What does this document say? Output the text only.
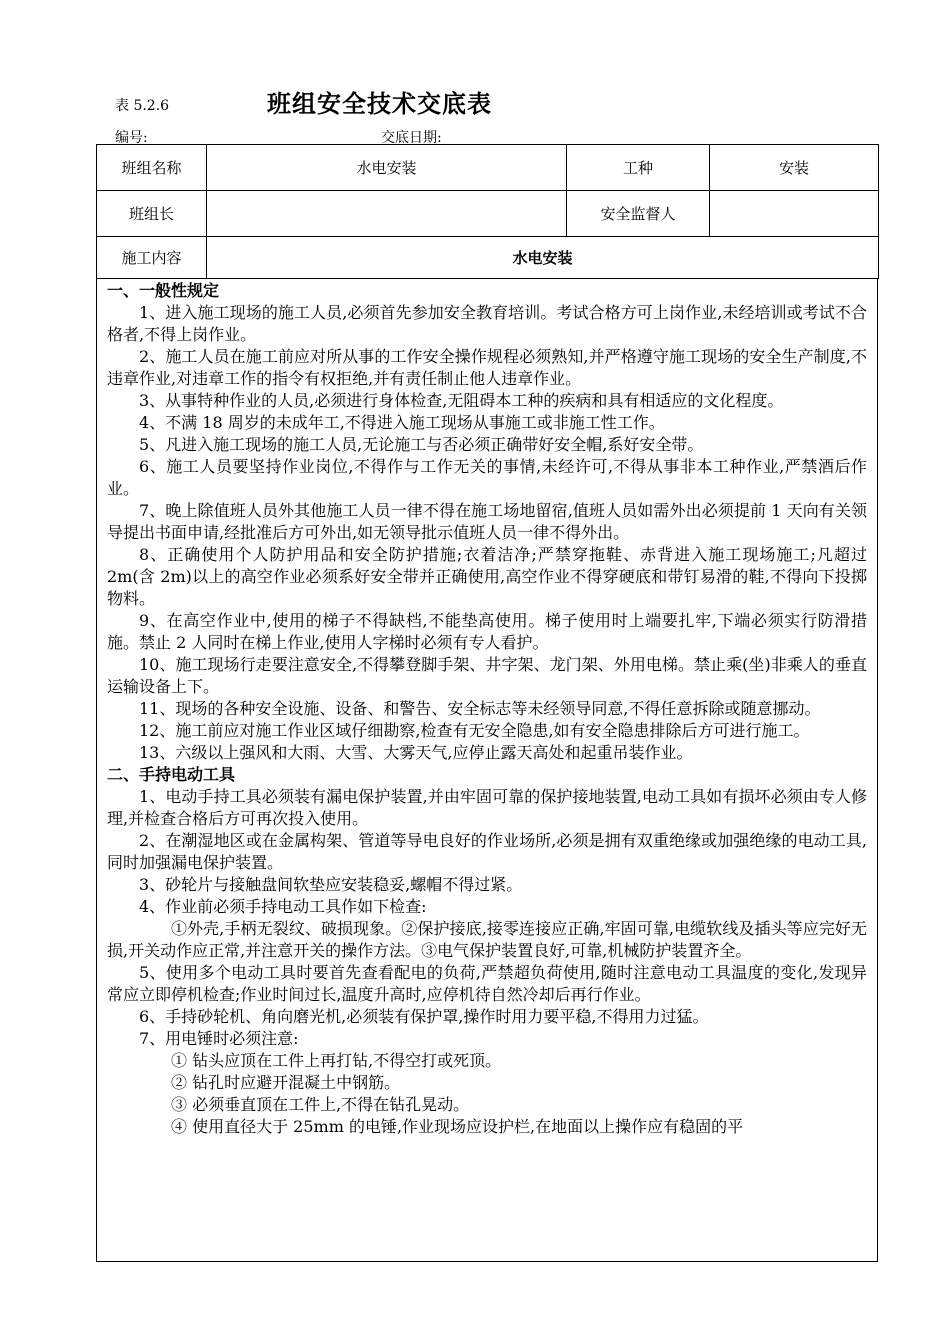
表 5.2.6	班组安全技术交底表
编号:	交底日期:
班组名称	水电安装	工种	安装
班组长		安全监督人	
施工内容	水电安装		

一、一般性规定

1、进入施工现场的施工人员,必须首先参加安全教育培训。考试合格方可上岗作业,未经培训或考试不合格者,不得上岗作业。

2、施工人员在施工前应对所从事的工作安全操作规程必须熟知,并严格遵守施工现场的安全生产制度,不违章作业,对违章工作的指令有权拒绝,并有责任制止他人违章作业。

3、从事特种作业的人员,必须进行身体检查,无阻碍本工种的疾病和具有相适应的文化程度。

4、不满 18 周岁的未成年工,不得进入施工现场从事施工或非施工性工作。

5、凡进入施工现场的施工人员,无论施工与否必须正确带好安全帽,系好安全带。

6、施工人员要坚持作业岗位,不得作与工作无关的事情,未经许可,不得从事非本工种作业,严禁酒后作业。

7、晚上除值班人员外其他施工人员一律不得在施工场地留宿,值班人员如需外出必须提前 1 天向有关领导提出书面申请,经批准后方可外出,如无领导批示值班人员一律不得外出。

8、正确使用个人防护用品和安全防护措施;衣着洁净;严禁穿拖鞋、赤背进入施工现场施工;凡超过 2m(含 2m)以上的高空作业必须系好安全带并正确使用,高空作业不得穿硬底和带钉易滑的鞋,不得向下投掷物料。

9、在高空作业中,使用的梯子不得缺档,不能垫高使用。梯子使用时上端要扎牢,下端必须实行防滑措施。禁止 2 人同时在梯上作业,使用人字梯时必须有专人看护。

10、施工现场行走要注意安全,不得攀登脚手架、井字架、龙门架、外用电梯。禁止乘(坐)非乘人的垂直运输设备上下。

11、现场的各种安全设施、设备、和警告、安全标志等未经领导同意,不得任意拆除或随意挪动。

12、施工前应对施工作业区域仔细勘察,检查有无安全隐患,如有安全隐患排除后方可进行施工。

13、六级以上强风和大雨、大雪、大雾天气,应停止露天高处和起重吊装作业。

二、手持电动工具

1、电动手持工具必须装有漏电保护装置,并由牢固可靠的保护接地装置,电动工具如有损坏必须由专人修理,并检查合格后方可再次投入使用。

2、在潮湿地区或在金属构架、管道等导电良好的作业场所,必须是拥有双重绝缘或加强绝缘的电动工具,同时加强漏电保护装置。

3、砂轮片与接触盘间软垫应安装稳妥,螺帽不得过紧。

4、作业前必须手持电动工具作如下检查:

①外壳,手柄无裂纹、破损现象。②保护接底,接零连接应正确,牢固可靠,电缆软线及插头等应完好无损,开关动作应正常,并注意开关的操作方法。③电气保护装置良好,可靠,机械防护装置齐全。

5、使用多个电动工具时要首先查看配电的负荷,严禁超负荷使用,随时注意电动工具温度的变化,发现异常应立即停机检查;作业时间过长,温度升高时,应停机待自然冷却后再行作业。

6、手持砂轮机、角向磨光机,必须装有保护罩,操作时用力要平稳,不得用力过猛。

7、用电锤时必须注意:

① 钻头应顶在工件上再打钻,不得空打或死顶。

② 钻孔时应避开混凝土中钢筋。

③ 必须垂直顶在工件上,不得在钻孔晃动。

④ 使用直径大于 25mm 的电锤,作业现场应设护栏,在地面以上操作应有稳固的平
